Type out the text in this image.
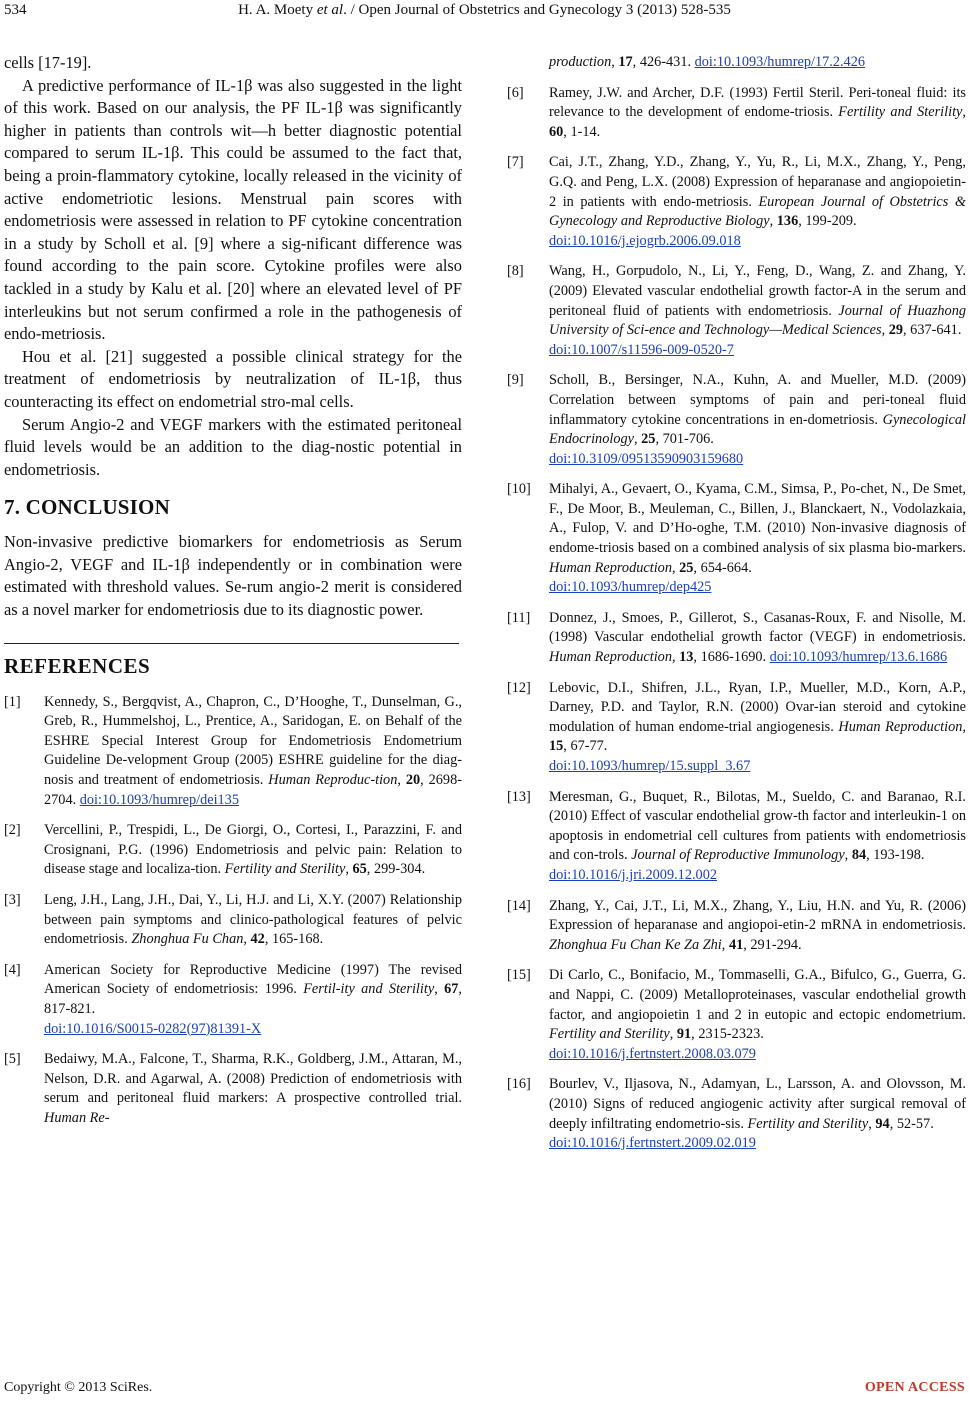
534	H. A. Moety et al. / Open Journal of Obstetrics and Gynecology 3 (2013) 528-535

cells [17-19].

A predictive performance of IL-1β was also suggested in the light of this work. Based on our analysis, the PF IL-1β was significantly higher in patients than controls wit—h better diagnostic potential compared to serum IL-1β. This could be assumed to the fact that, being a proin-flammatory cytokine, locally released in the vicinity of active endometriotic lesions. Menstrual pain scores with endometriosis were assessed in relation to PF cytokine concentration in a study by Scholl et al. [9] where a sig-nificant difference was found according to the pain score. Cytokine profiles were also tackled in a study by Kalu et al. [20] where an elevated level of PF interleukins but not serum confirmed a role in the pathogenesis of endo-metriosis.

Hou et al. [21] suggested a possible clinical strategy for the treatment of endometriosis by neutralization of IL-1β, thus counteracting its effect on endometrial stro-mal cells.

Serum Angio-2 and VEGF markers with the estimated peritoneal fluid levels would be an addition to the diag-nostic potential in endometriosis.

7. CONCLUSION

Non-invasive predictive biomarkers for endometriosis as Serum Angio-2, VEGF and IL-1β independently or in combination were estimated with threshold values. Se-rum angio-2 merit is considered as a novel marker for endometriosis due to its diagnostic power.

REFERENCES
[1]	Kennedy, S., Bergqvist, A., Chapron, C., D’Hooghe, T., Dunselman, G., Greb, R., Hummelshoj, L., Prentice, A., Saridogan, E. on Behalf of the ESHRE Special Interest Group for Endometriosis Endometrium Guideline De-velopment Group (2005) ESHRE guideline for the diag-nosis and treatment of endometriosis. Human Reproduc-tion, 20, 2698-2704. doi:10.1093/humrep/dei135
[2]	Vercellini, P., Trespidi, L., De Giorgi, O., Cortesi, I., Parazzini, F. and Crosignani, P.G. (1996) Endometriosis and pelvic pain: Relation to disease stage and localiza-tion. Fertility and Sterility, 65, 299-304.
[3]	Leng, J.H., Lang, J.H., Dai, Y., Li, H.J. and Li, X.Y. (2007) Relationship between pain symptoms and clinico-pathological features of pelvic endometriosis. Zhonghua Fu Chan, 42, 165-168.
[4]	American Society for Reproductive Medicine (1997) The revised American Society of endometriosis: 1996. Fertil-ity and Sterility, 67, 817-821.
doi:10.1016/S0015-0282(97)81391-X
[5]	Bedaiwy, M.A., Falcone, T., Sharma, R.K., Goldberg, J.M., Attaran, M., Nelson, D.R. and Agarwal, A. (2008) Prediction of endometriosis with serum and peritoneal fluid markers: A prospective controlled trial. Human Re-
production, 17, 426-431. doi:10.1093/humrep/17.2.426
[6]	Ramey, J.W. and Archer, D.F. (1993) Fertil Steril. Peri-toneal fluid: its relevance to the development of endome-triosis. Fertility and Sterility, 60, 1-14.
[7]	Cai, J.T., Zhang, Y.D., Zhang, Y., Yu, R., Li, M.X., Zhang, Y., Peng, G.Q. and Peng, L.X. (2008) Expression of heparanase and angiopoietin-2 in patients with endo-metriosis. European Journal of Obstetrics & Gynecology and Reproductive Biology, 136, 199-209.
doi:10.1016/j.ejogrb.2006.09.018
[8]	Wang, H., Gorpudolo, N., Li, Y., Feng, D., Wang, Z. and Zhang, Y. (2009) Elevated vascular endothelial growth factor-A in the serum and peritoneal fluid of patients with endometriosis. Journal of Huazhong University of Sci-ence and Technology—Medical Sciences, 29, 637-641.
doi:10.1007/s11596-009-0520-7
[9]	Scholl, B., Bersinger, N.A., Kuhn, A. and Mueller, M.D. (2009) Correlation between symptoms of pain and peri-toneal fluid inflammatory cytokine concentrations in en-dometriosis. Gynecological Endocrinology, 25, 701-706.
doi:10.3109/09513590903159680
[10]	Mihalyi, A., Gevaert, O., Kyama, C.M., Simsa, P., Po-chet, N., De Smet, F., De Moor, B., Meuleman, C., Billen, J., Blanckaert, N., Vodolazkaia, A., Fulop, V. and D’Ho-oghe, T.M. (2010) Non-invasive diagnosis of endome-triosis based on a combined analysis of six plasma bio-markers. Human Reproduction, 25, 654-664.
doi:10.1093/humrep/dep425
[11]	Donnez, J., Smoes, P., Gillerot, S., Casanas-Roux, F. and Nisolle, M. (1998) Vascular endothelial growth factor (VEGF) in endometriosis. Human Reproduction, 13, 1686-1690. doi:10.1093/humrep/13.6.1686
[12]	Lebovic, D.I., Shifren, J.L., Ryan, I.P., Mueller, M.D., Korn, A.P., Darney, P.D. and Taylor, R.N. (2000) Ovar-ian steroid and cytokine modulation of human endome-trial angiogenesis. Human Reproduction, 15, 67-77.
doi:10.1093/humrep/15.suppl_3.67
[13]	Meresman, G., Buquet, R., Bilotas, M., Sueldo, C. and Baranao, R.I. (2010) Effect of vascular endothelial grow-th factor and interleukin-1 on apoptosis in endometrial cell cultures from patients with endometriosis and con-trols. Journal of Reproductive Immunology, 84, 193-198.
doi:10.1016/j.jri.2009.12.002
[14]	Zhang, Y., Cai, J.T., Li, M.X., Zhang, Y., Liu, H.N. and Yu, R. (2006) Expression of heparanase and angiopoi-etin-2 mRNA in endometriosis. Zhonghua Fu Chan Ke Za Zhi, 41, 291-294.
[15]	Di Carlo, C., Bonifacio, M., Tommaselli, G.A., Bifulco, G., Guerra, G. and Nappi, C. (2009) Metalloproteinases, vascular endothelial growth factor, and angiopoietin 1 and 2 in eutopic and ectopic endometrium. Fertility and Sterility, 91, 2315-2323.
doi:10.1016/j.fertnstert.2008.03.079
[16]	Bourlev, V., Iljasova, N., Adamyan, L., Larsson, A. and Olovsson, M. (2010) Signs of reduced angiogenic activity after surgical removal of deeply infiltrating endometrio-sis. Fertility and Sterility, 94, 52-57.
doi:10.1016/j.fertnstert.2009.02.019
Copyright © 2013 SciRes.	OPEN ACCESS
